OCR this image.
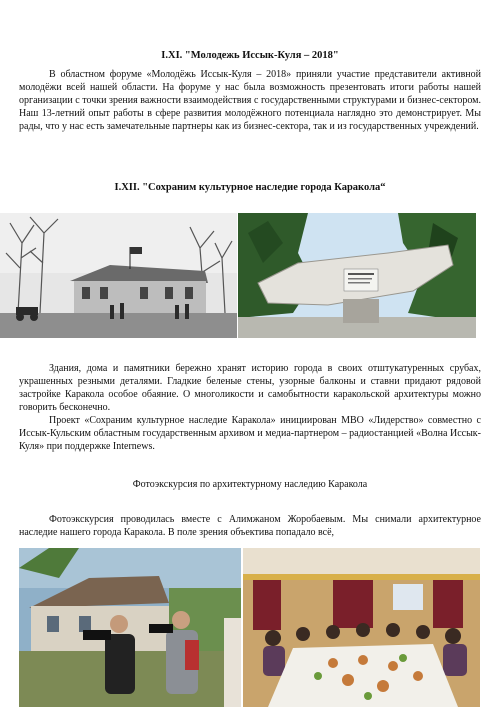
I.XI. "Молодежь Иссык-Куля – 2018"
В областном форуме «Молодёжь Иссык-Куля – 2018» приняли участие представители активной молодёжи всей нашей области. На форуме у нас была возможность презентовать итоги работы нашей организации с точки зрения важности взаимодействия с государственными структурами и бизнес-сектором. Наш 13-летний опыт работы в сфере развития молодёжного потенциала наглядно это демонстрирует. Мы рады, что у нас есть замечательные партнеры как из бизнес-сектора, так и из государственных учреждений.
I.XII. "Сохраним культурное наследие города Каракола“
Здания, дома и памятники бережно хранят историю города в своих отштукатуренных срубах, украшенных резными деталями. Гладкие беленые стены, узорные балконы и ставни придают рядовой застройке Каракола особое обаяние. О многоликости и самобытности каракольской архитектуры можно говорить бесконечно.
Проект «Сохраним культурное наследие Каракола» инициирован МВО «Лидерство» совместно с Иссык-Кульским областным государственным архивом и медиа-партнером – радиостанцией «Волна Иссык-Куля» при поддержке Internews.
Фотоэкскурсия по архитектурному наследию Каракола
Фотоэкскурсия проводилась вместе с Алимжаном Жоробаевым. Мы снимали архитектурное наследие нашего города Каракола. В поле зрения объектива попадало всё,
